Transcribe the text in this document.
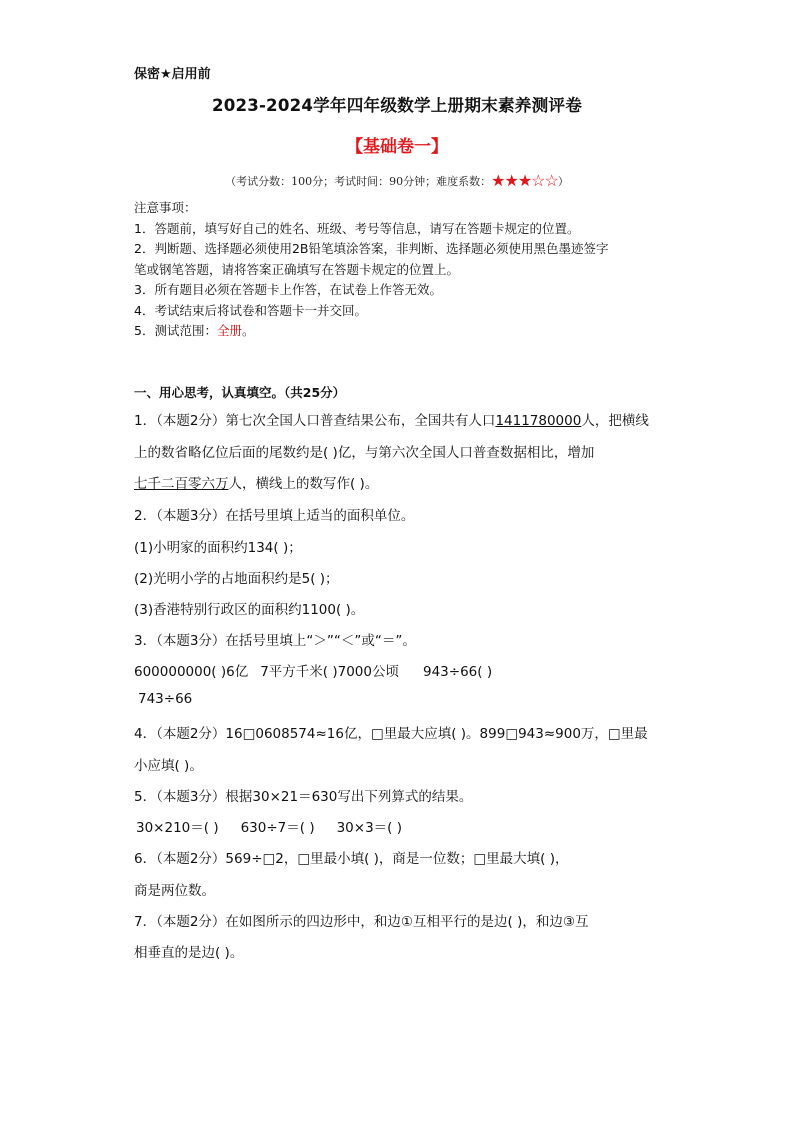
保密★启用前
2023-2024学年四年级数学上册期末素养测评卷
【基础卷一】
（考试分数：100分；考试时间：90分钟；难度系数：★★★☆☆）
注意事项：
1．答题前，填写好自己的姓名、班级、考号等信息，请写在答题卡规定的位置。
2．判断题、选择题必须使用2B铅笔填涂答案，非判断、选择题必须使用黑色墨迹签字
笔或钢笔答题，请将答案正确填写在答题卡规定的位置上。
3．所有题目必须在答题卡上作答，在试卷上作答无效。
4．考试结束后将试卷和答题卡一并交回。
5．测试范围：全册。
一、用心思考，认真填空。（共25分）
1．（本题2分）第七次全国人口普查结果公布，全国共有人口1411780000人，把横线
上的数省略亿位后面的尾数约是( )亿，与第六次全国人口普查数据相比，增加
七千二百零六万人，横线上的数写作( )。
2．（本题3分）在括号里填上适当的面积单位。
(1)小明家的面积约134( )；
(2)光明小学的占地面积约是5( )；
(3)香港特别行政区的面积约1100( )。
3．（本题3分）在括号里填上“＞”“＜”或“＝”。
600000000( )6亿 7平方千米( )7000公顷 943÷66( )
743÷66
4．（本题2分）16□0608574≈16亿，□里最大应填( )。899□943≈900万，□里最
小应填( )。
5．（本题3分）根据30×21＝630写出下列算式的结果。
30×210＝( ) 630÷7＝( ) 30×3＝( )
6．（本题2分）569÷□2，□里最小填( )，商是一位数；□里最大填( )，
商是两位数。
7．（本题2分）在如图所示的四边形中，和边①互相平行的是边( )，和边③互
相垂直的是边( )。
